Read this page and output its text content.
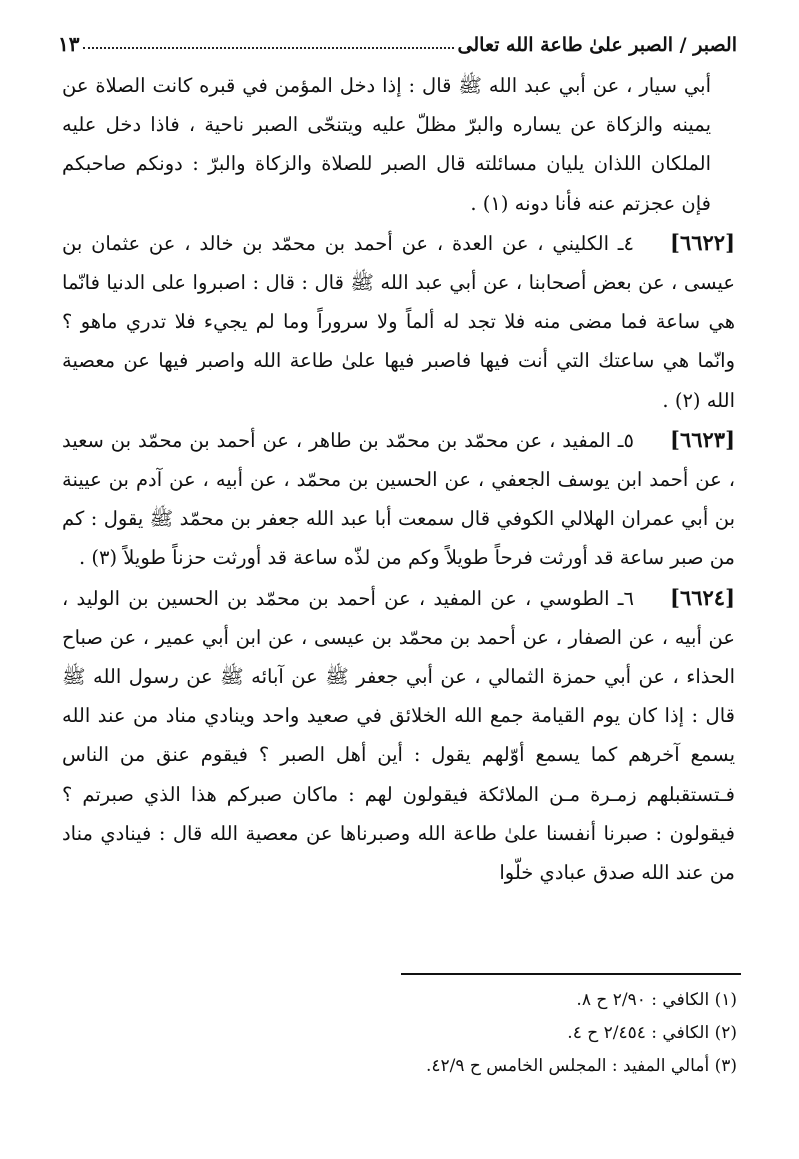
الصبر / الصبر علىٰ طاعة الله تعالى
١٣

أبي سيار ، عن أبي عبد الله ﷺ قال : إذا دخل المؤمن في قبره كانت الصلاة عن يمينه والزكاة عن يساره والبرّ مظلّ عليه ويتنحّى الصبر ناحية ، فاذا دخل عليه الملكان اللذان يليان مسائلته قال الصبر للصلاة والزكاة والبرّ : دونكم صاحبكم فإن عجزتم عنه فأنا دونه (١) .

[٦٦٢٢]٤ـ الكليني ، عن العدة ، عن أحمد بن محمّد بن خالد ، عن عثمان بن عيسى ، عن بعض أصحابنا ، عن أبي عبد الله ﷺ قال : قال : اصبروا على الدنيا فانّما هي ساعة فما مضى منه فلا تجد له ألماً ولا سروراً وما لم يجيء فلا تدري ماهو ؟ وانّما هي ساعتك التي أنت فيها فاصبر فيها علىٰ طاعة الله واصبر فيها عن معصية الله (٢) .

[٦٦٢٣]٥ـ المفيد ، عن محمّد بن محمّد بن طاهر ، عن أحمد بن محمّد بن سعيد ، عن أحمد ابن يوسف الجعفي ، عن الحسين بن محمّد ، عن أبيه ، عن آدم بن عيينة بن أبي عمران الهلالي الكوفي قال سمعت أبا عبد الله جعفر بن محمّد ﷺ يقول : كم من صبر ساعة قد أورثت فرحاً طويلاً وكم من لذّه ساعة قد أورثت حزناً طويلاً (٣) .

[٦٦٢٤]٦ـ الطوسي ، عن المفيد ، عن أحمد بن محمّد بن الحسين بن الوليد ، عن أبيه ، عن الصفار ، عن أحمد بن محمّد بن عيسى ، عن ابن أبي عمير ، عن صباح الحذاء ، عن أبي حمزة الثمالي ، عن أبي جعفر ﷺ عن آبائه ﷺ عن رسول الله ﷺ قال : إذا كان يوم القيامة جمع الله الخلائق في صعيد واحد وينادي مناد من عند الله يسمع آخرهم كما يسمع أوّلهم يقول : أين أهل الصبر ؟ فيقوم عنق من الناس فـتستقبلهم زمـرة مـن الملائكة فيقولون لهم : ماكان صبركم هذا الذي صبرتم ؟ فيقولون : صبرنا أنفسنا علىٰ طاعة الله وصبرناها عن معصية الله قال : فينادي مناد من عند الله صدق عبادي خلّوا

(١) الكافي : ٢/٩٠ ح ٨.

(٢) الكافي : ٢/٤٥٤ ح ٤.

(٣) أمالي المفيد : المجلس الخامس ح ٤٢/٩.
